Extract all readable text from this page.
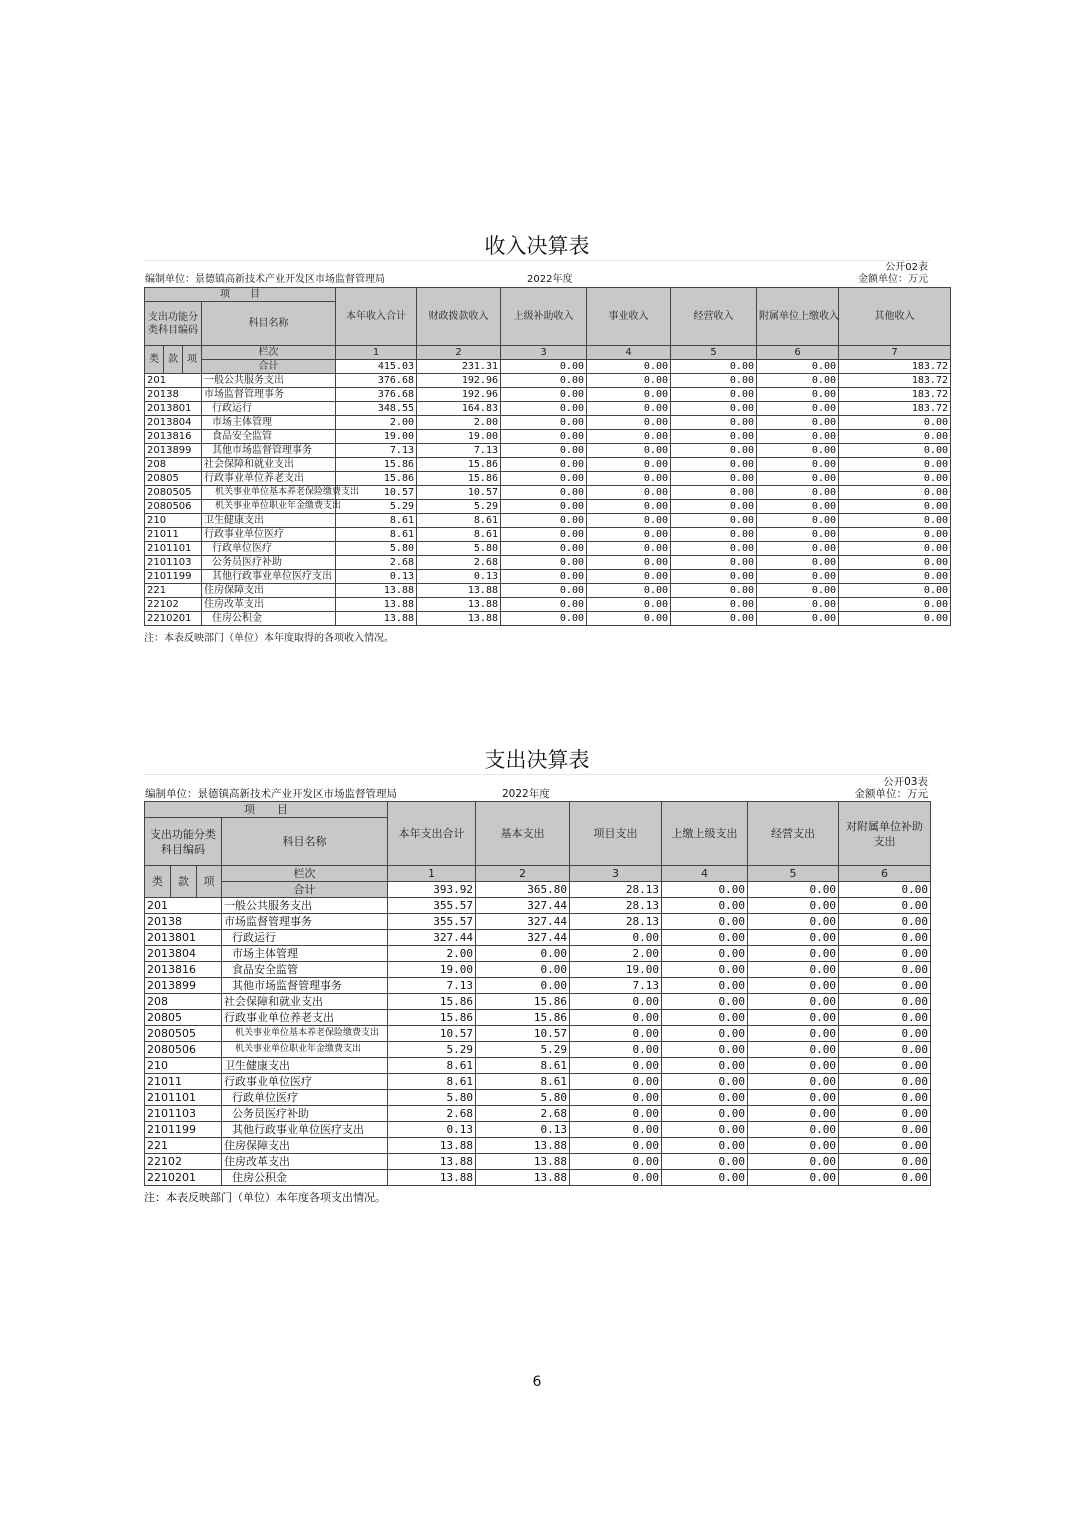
收入决算表
编制单位：景德镇高新技术产业开发区市场监督管理局	2022年度
公开02表
金额单位：万元
项　　目				本年收入合计	财政拨款收入	上级补助收入	事业收入	经营收入	附属单位上缴收入	其他收入
支出功能分类科目编码			科目名称							
类	款	项	栏次	1	2	3	4	5	6	7
			合计	415.03	231.31	0.00	0.00	0.00	0.00	183.72
201			一般公共服务支出	376.68	192.96	0.00	0.00	0.00	0.00	183.72
20138			市场监督管理事务	376.68	192.96	0.00	0.00	0.00	0.00	183.72
2013801			行政运行	348.55	164.83	0.00	0.00	0.00	0.00	183.72
2013804			市场主体管理	2.00	2.00	0.00	0.00	0.00	0.00	0.00
2013816			食品安全监管	19.00	19.00	0.00	0.00	0.00	0.00	0.00
2013899			其他市场监督管理事务	7.13	7.13	0.00	0.00	0.00	0.00	0.00
208			社会保障和就业支出	15.86	15.86	0.00	0.00	0.00	0.00	0.00
20805			行政事业单位养老支出	15.86	15.86	0.00	0.00	0.00	0.00	0.00
2080505			机关事业单位基本养老保险缴费支出	10.57	10.57	0.00	0.00	0.00	0.00	0.00
2080506			机关事业单位职业年金缴费支出	5.29	5.29	0.00	0.00	0.00	0.00	0.00
210			卫生健康支出	8.61	8.61	0.00	0.00	0.00	0.00	0.00
21011			行政事业单位医疗	8.61	8.61	0.00	0.00	0.00	0.00	0.00
2101101			行政单位医疗	5.80	5.80	0.00	0.00	0.00	0.00	0.00
2101103			公务员医疗补助	2.68	2.68	0.00	0.00	0.00	0.00	0.00
2101199			其他行政事业单位医疗支出	0.13	0.13	0.00	0.00	0.00	0.00	0.00
221			住房保障支出	13.88	13.88	0.00	0.00	0.00	0.00	0.00
22102			住房改革支出	13.88	13.88	0.00	0.00	0.00	0.00	0.00
2210201			住房公积金	13.88	13.88	0.00	0.00	0.00	0.00	0.00
注：本表反映部门（单位）本年度取得的各项收入情况。
支出决算表
编制单位：景德镇高新技术产业开发区市场监督管理局	2022年度
公开03表
金额单位：万元
项　　目				本年支出合计	基本支出	项目支出	上缴上级支出	经营支出	对附属单位补助支出
支出功能分类科目编码			科目名称						
类	款	项	栏次	1	2	3	4	5	6
			合计	393.92	365.80	28.13	0.00	0.00	0.00
201			一般公共服务支出	355.57	327.44	28.13	0.00	0.00	0.00
20138			市场监督管理事务	355.57	327.44	28.13	0.00	0.00	0.00
2013801			行政运行	327.44	327.44	0.00	0.00	0.00	0.00
2013804			市场主体管理	2.00	0.00	2.00	0.00	0.00	0.00
2013816			食品安全监管	19.00	0.00	19.00	0.00	0.00	0.00
2013899			其他市场监督管理事务	7.13	0.00	7.13	0.00	0.00	0.00
208			社会保障和就业支出	15.86	15.86	0.00	0.00	0.00	0.00
20805			行政事业单位养老支出	15.86	15.86	0.00	0.00	0.00	0.00
2080505			机关事业单位基本养老保险缴费支出	10.57	10.57	0.00	0.00	0.00	0.00
2080506			机关事业单位职业年金缴费支出	5.29	5.29	0.00	0.00	0.00	0.00
210			卫生健康支出	8.61	8.61	0.00	0.00	0.00	0.00
21011			行政事业单位医疗	8.61	8.61	0.00	0.00	0.00	0.00
2101101			行政单位医疗	5.80	5.80	0.00	0.00	0.00	0.00
2101103			公务员医疗补助	2.68	2.68	0.00	0.00	0.00	0.00
2101199			其他行政事业单位医疗支出	0.13	0.13	0.00	0.00	0.00	0.00
221			住房保障支出	13.88	13.88	0.00	0.00	0.00	0.00
22102			住房改革支出	13.88	13.88	0.00	0.00	0.00	0.00
2210201			住房公积金	13.88	13.88	0.00	0.00	0.00	0.00
注：本表反映部门（单位）本年度各项支出情况。
6
